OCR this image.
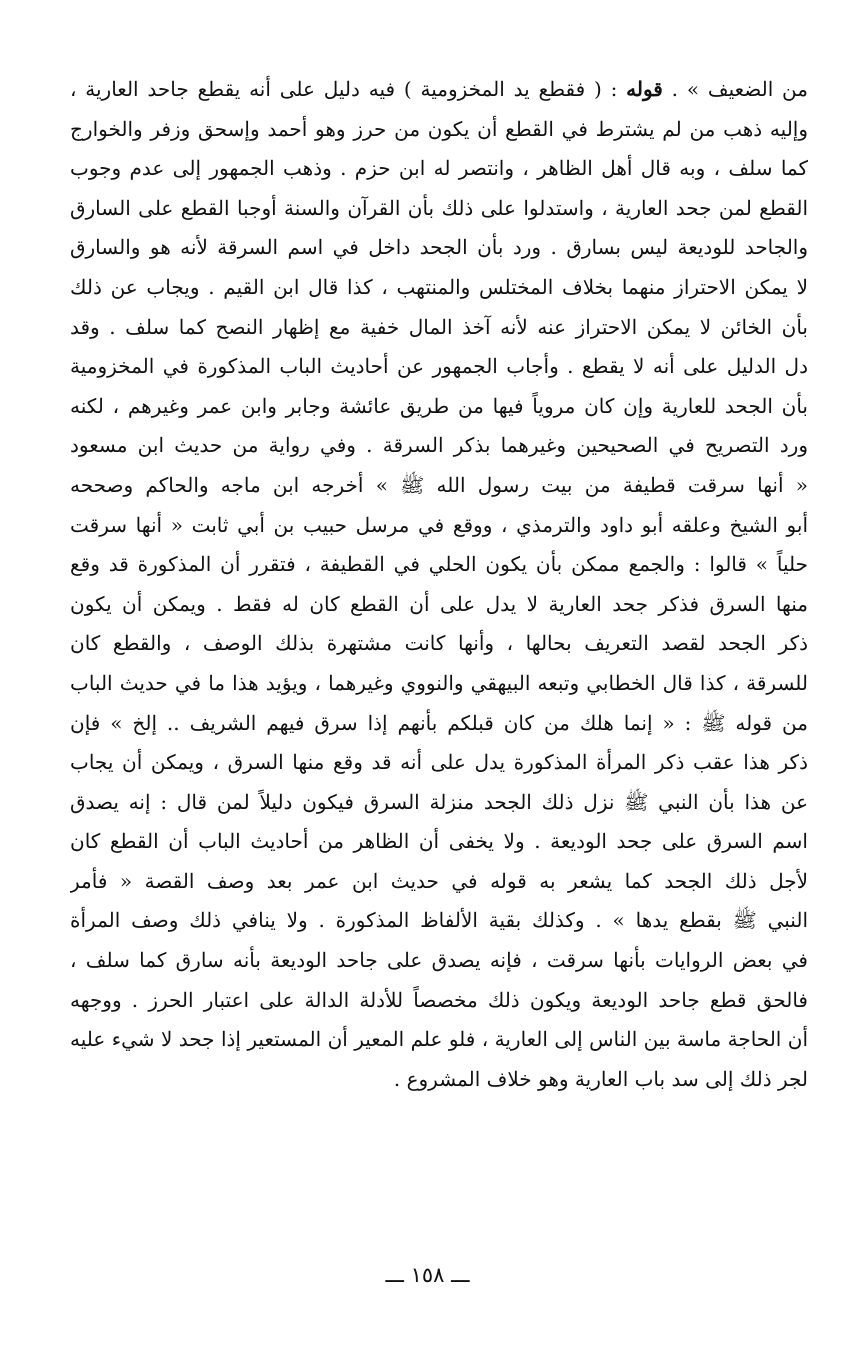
من الضعيف » . قوله : ( فقطع يد المخزومية ) فيه دليل على أنه يقطع جاحد العارية ،
وإليه ذهب من لم يشترط في القطع أن يكون من حرز وهو أحمد وإسحق وزفر والخوارج
كما سلف ، وبه قال أهل الظاهر ، وانتصر له ابن حزم . وذهب الجمهور إلى عدم وجوب
القطع لمن جحد العارية ، واستدلوا على ذلك بأن القرآن والسنة أوجبا القطع على السارق
والجاحد للوديعة ليس بسارق . ورد بأن الجحد داخل في اسم السرقة لأنه هو والسارق
لا يمكن الاحتراز منهما بخلاف المختلس والمنتهب ، كذا قال ابن القيم . ويجاب عن ذلك
بأن الخائن لا يمكن الاحتراز عنه لأنه آخذ المال خفية مع إظهار النصح كما سلف . وقد
دل الدليل على أنه لا يقطع . وأجاب الجمهور عن أحاديث الباب المذكورة في المخزومية
بأن الجحد للعارية وإن كان مروياً فيها من طريق عائشة وجابر وابن عمر وغيرهم ، لكنه
ورد التصريح في الصحيحين وغيرهما بذكر السرقة . وفي رواية من حديث ابن مسعود
« أنها سرقت قطيفة من بيت رسول الله ﷺ » أخرجه ابن ماجه والحاكم وصححه
أبو الشيخ وعلقه أبو داود والترمذي ، ووقع في مرسل حبيب بن أبي ثابت « أنها سرقت
حلياً » قالوا : والجمع ممكن بأن يكون الحلي في القطيفة ، فتقرر أن المذكورة قد وقع
منها السرق فذكر جحد العارية لا يدل على أن القطع كان له فقط . ويمكن أن يكون
ذكر الجحد لقصد التعريف بحالها ، وأنها كانت مشتهرة بذلك الوصف ، والقطع كان
للسرقة ، كذا قال الخطابي وتبعه البيهقي والنووي وغيرهما ، ويؤيد هذا ما في حديث الباب
من قوله ﷺ : « إنما هلك من كان قبلكم بأنهم إذا سرق فيهم الشريف .. إلخ » فإن
ذكر هذا عقب ذكر المرأة المذكورة يدل على أنه قد وقع منها السرق ، ويمكن أن يجاب
عن هذا بأن النبي ﷺ نزل ذلك الجحد منزلة السرق فيكون دليلاً لمن قال : إنه يصدق
اسم السرق على جحد الوديعة . ولا يخفى أن الظاهر من أحاديث الباب أن القطع كان
لأجل ذلك الجحد كما يشعر به قوله في حديث ابن عمر بعد وصف القصة « فأمر
النبي ﷺ بقطع يدها » . وكذلك بقية الألفاظ المذكورة . ولا ينافي ذلك وصف المرأة
في بعض الروايات بأنها سرقت ، فإنه يصدق على جاحد الوديعة بأنه سارق كما سلف ،
فالحق قطع جاحد الوديعة ويكون ذلك مخصصاً للأدلة الدالة على اعتبار الحرز . ووجهه
أن الحاجة ماسة بين الناس إلى العارية ، فلو علم المعير أن المستعير إذا جحد لا شيء عليه
لجر ذلك إلى سد باب العارية وهو خلاف المشروع .
ـــ ١٥٨ ـــ
